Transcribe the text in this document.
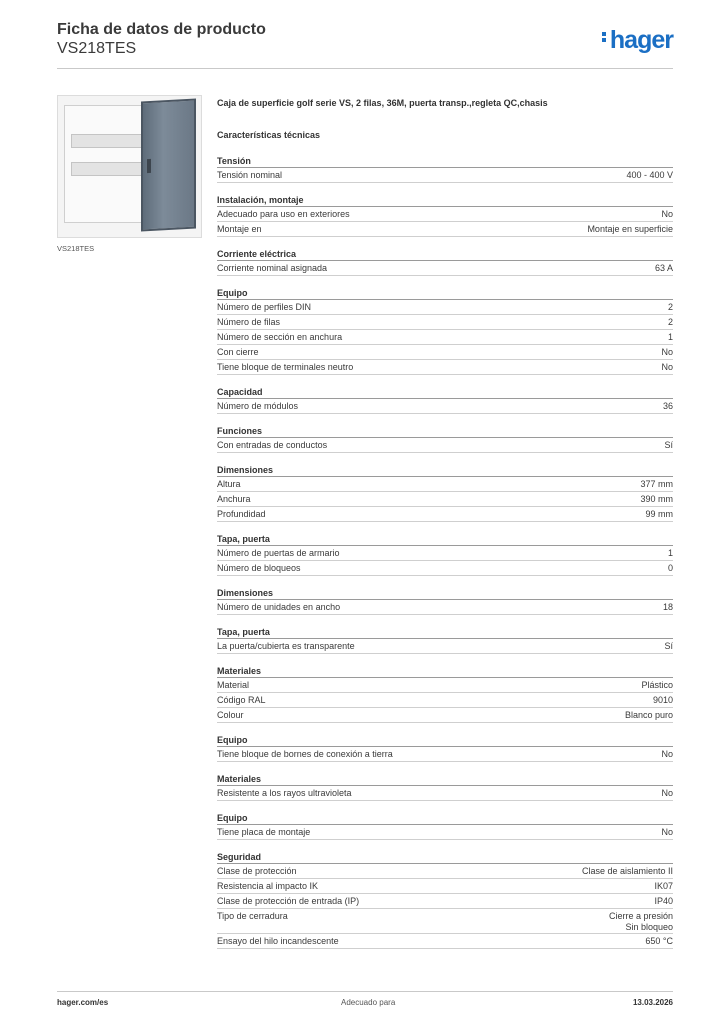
Ficha de datos de producto
VS218TES	hager
VS218TES
Caja de superficie golf serie VS, 2 filas, 36M, puerta transp.,regleta QC,chasis
Características técnicas
Tensión
Tensión nominal	400 - 400 V
Instalación, montaje
Adecuado para uso en exteriores	No
Montaje en	Montaje en superficie
Corriente eléctrica
Corriente nominal asignada	63 A
Equipo
Número de perfiles DIN	2
Número de filas	2
Número de sección en anchura	1
Con cierre	No
Tiene bloque de terminales neutro	No
Capacidad
Número de módulos	36
Funciones
Con entradas de conductos	Sí
Dimensiones
Altura	377 mm
Anchura	390 mm
Profundidad	99 mm
Tapa, puerta
Número de puertas de armario	1
Número de bloqueos	0
Dimensiones
Número de unidades en ancho	18
Tapa, puerta
La puerta/cubierta es transparente	Sí
Materiales
Material	Plástico
Código RAL	9010
Colour	Blanco puro
Equipo
Tiene bloque de bornes de conexión a tierra	No
Materiales
Resistente a los rayos ultravioleta	No
Equipo
Tiene placa de montaje	No
Seguridad
Clase de protección	Clase de aislamiento II
Resistencia al impacto IK	IK07
Clase de protección de entrada (IP)	IP40
Tipo de cerradura	Cierre a presión
Sin bloqueo
Ensayo del hilo incandescente	650 °C
hager.com/es	Adecuado para	13.03.2026
